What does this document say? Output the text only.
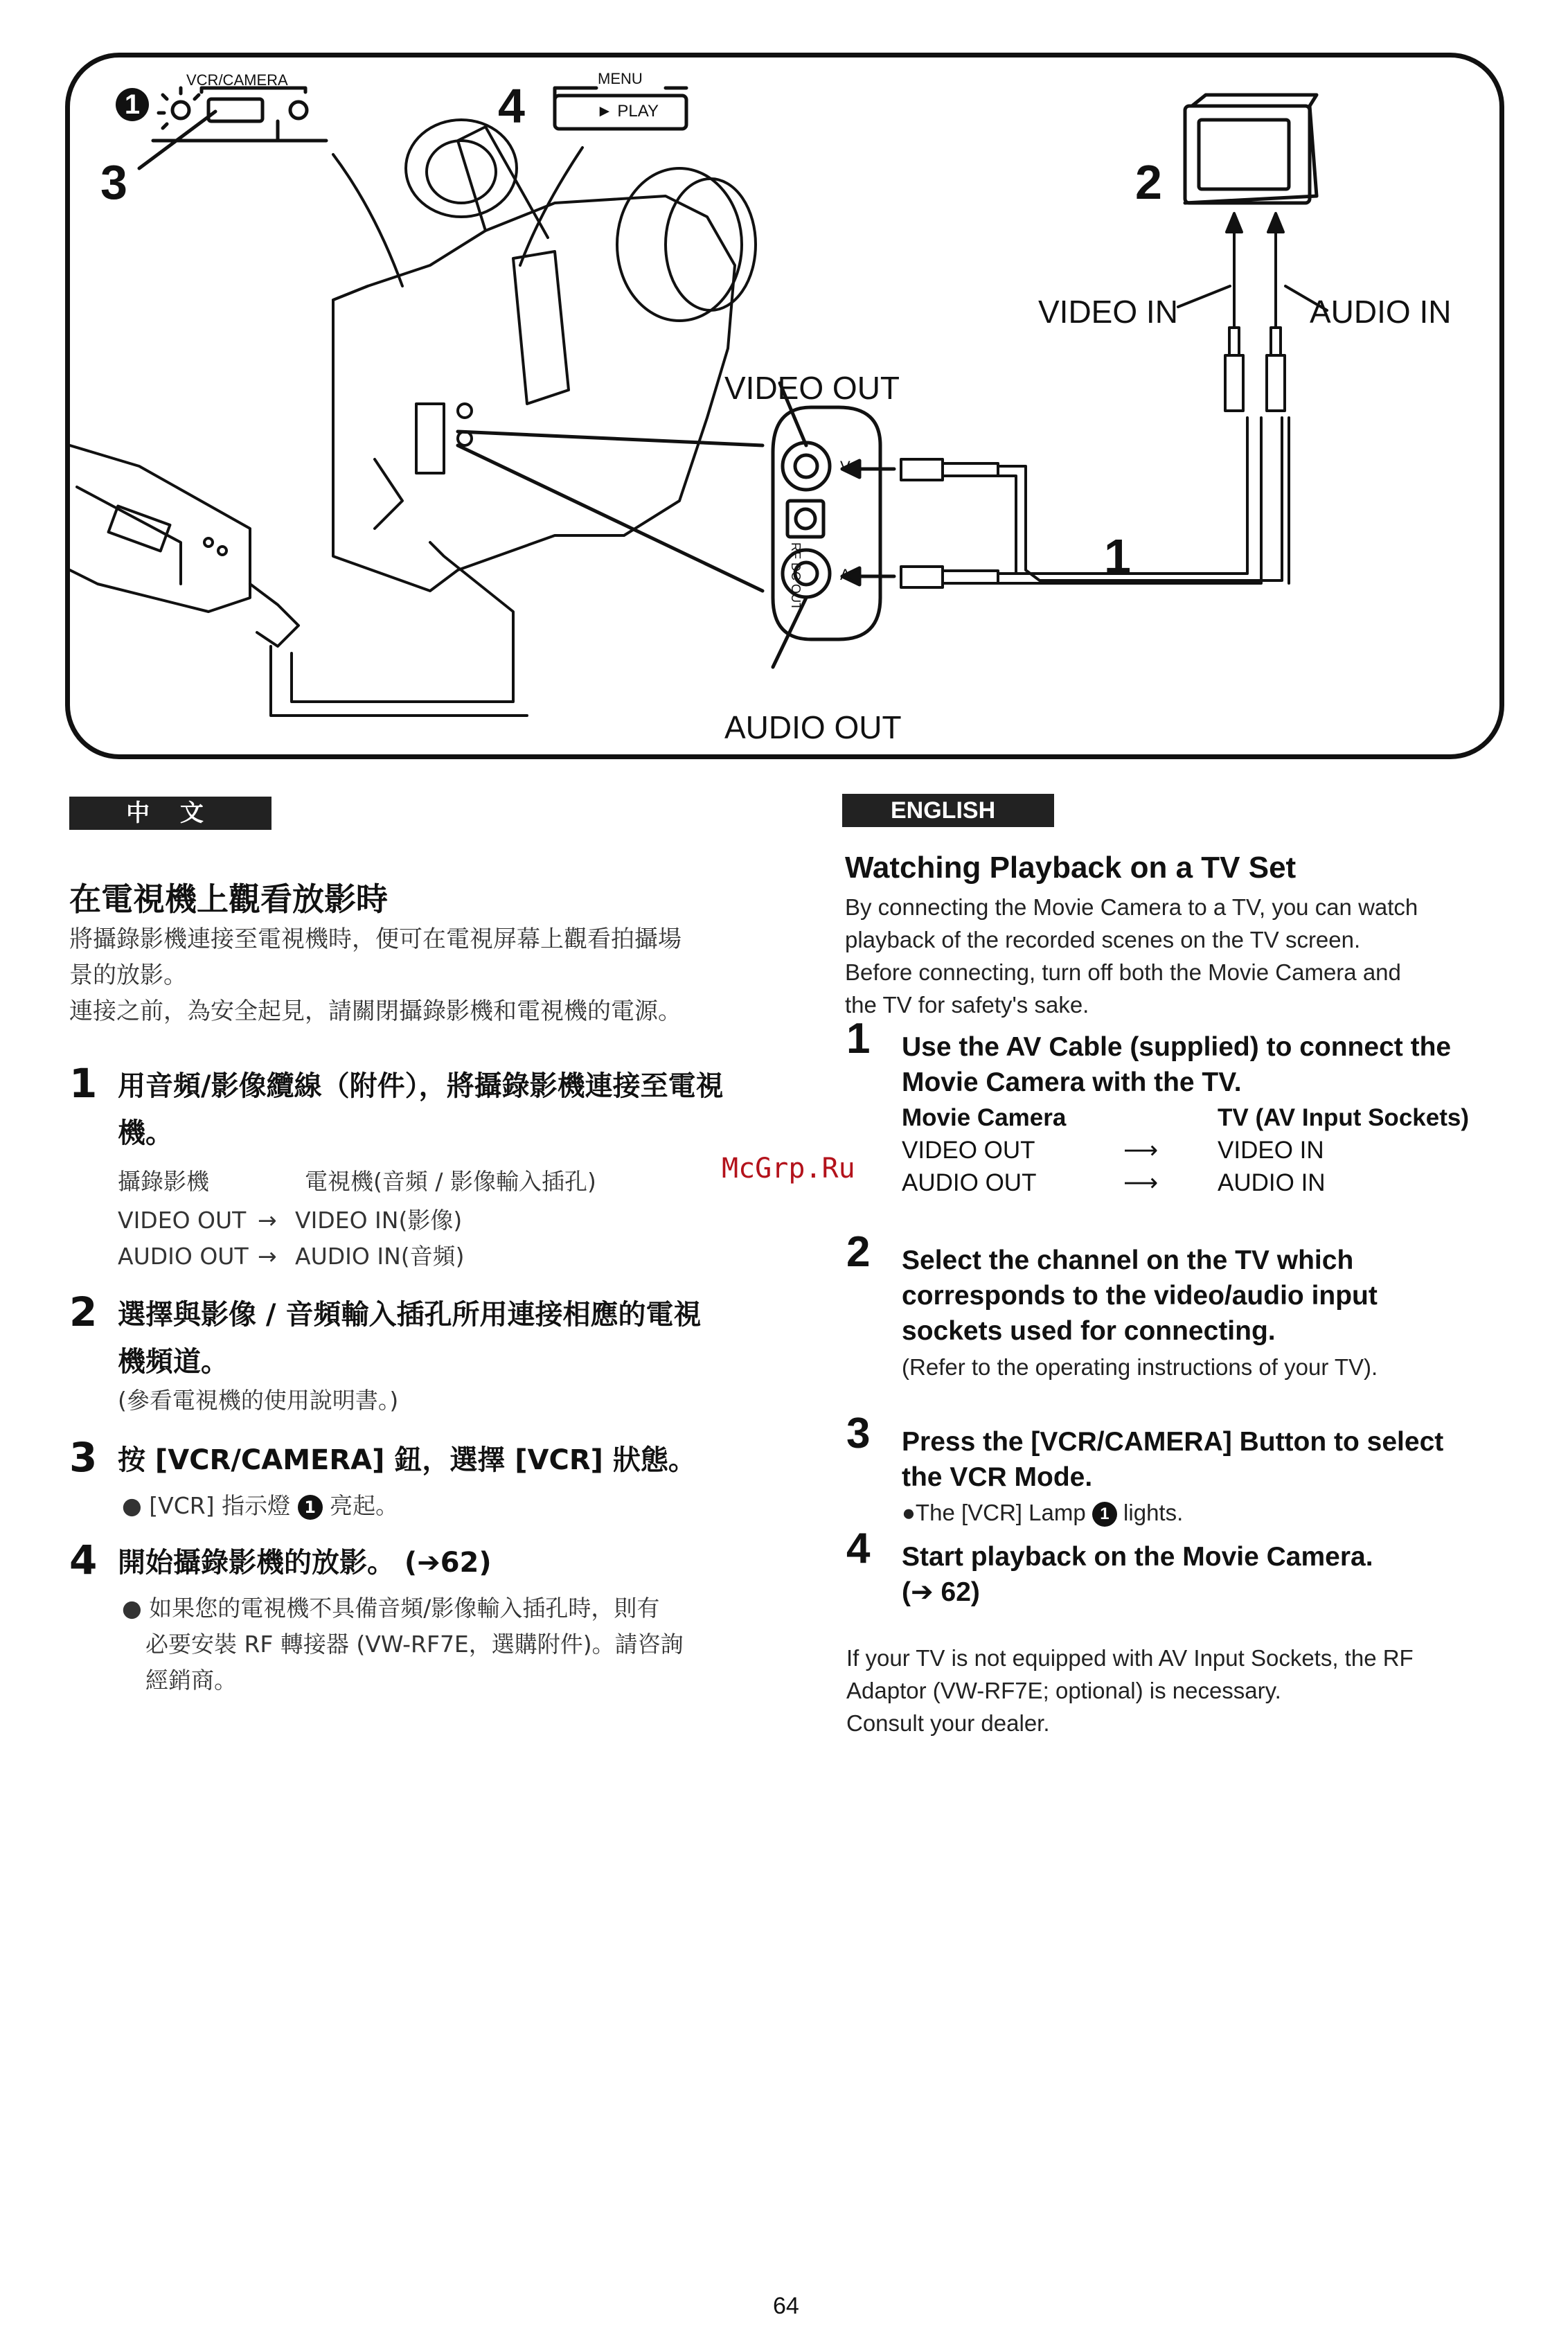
VCR/CAMERA	MENU
► PLAY
1
3
4
2
1
VIDEO IN	AUDIO IN
VIDEO OUT
AUDIO OUT
V
A
RF DC OUT
中 文
在電視機上觀看放影時
將攝錄影機連接至電視機時，便可在電視屏幕上觀看拍攝場
景的放影。
連接之前，為安全起見，請關閉攝錄影機和電視機的電源。
1 用音頻/影像纜線（附件），將攝錄影機連接至電視
機。
攝錄影機	電視機(音頻 / 影像輸入插孔)
VIDEO OUT → VIDEO IN(影像)
AUDIO OUT → AUDIO IN(音頻)
2 選擇與影像 / 音頻輸入插孔所用連接相應的電視
機頻道。
(參看電視機的使用說明書。)
3 按 [VCR/CAMERA] 鈕，選擇 [VCR] 狀態。
● [VCR] 指示燈 1 亮起。
4 開始攝錄影機的放影。 (➔62)
● 如果您的電視機不具備音頻/影像輸入插孔時，則有
必要安裝 RF 轉接器 (VW-RF7E，選購附件)。請咨詢
經銷商。
McGrp.Ru
ENGLISH
Watching Playback on a TV Set
By connecting the Movie Camera to a TV, you can watch
playback of the recorded scenes on the TV screen.
Before connecting, turn off both the Movie Camera and
the TV for safety's sake.
1 Use the AV Cable (supplied) to connect the
Movie Camera with the TV.
Movie Camera	TV (AV Input Sockets)
VIDEO OUT	⟶ VIDEO IN
AUDIO OUT	⟶ AUDIO IN
2 Select the channel on the TV which
corresponds to the video/audio input
sockets used for connecting.
(Refer to the operating instructions of your TV).
3 Press the [VCR/CAMERA] Button to select
the VCR Mode.
●The [VCR] Lamp 1 lights.
4 Start playback on the Movie Camera.
(➔ 62)
If your TV is not equipped with AV Input Sockets, the RF
Adaptor (VW-RF7E; optional) is necessary.
Consult your dealer.
64
